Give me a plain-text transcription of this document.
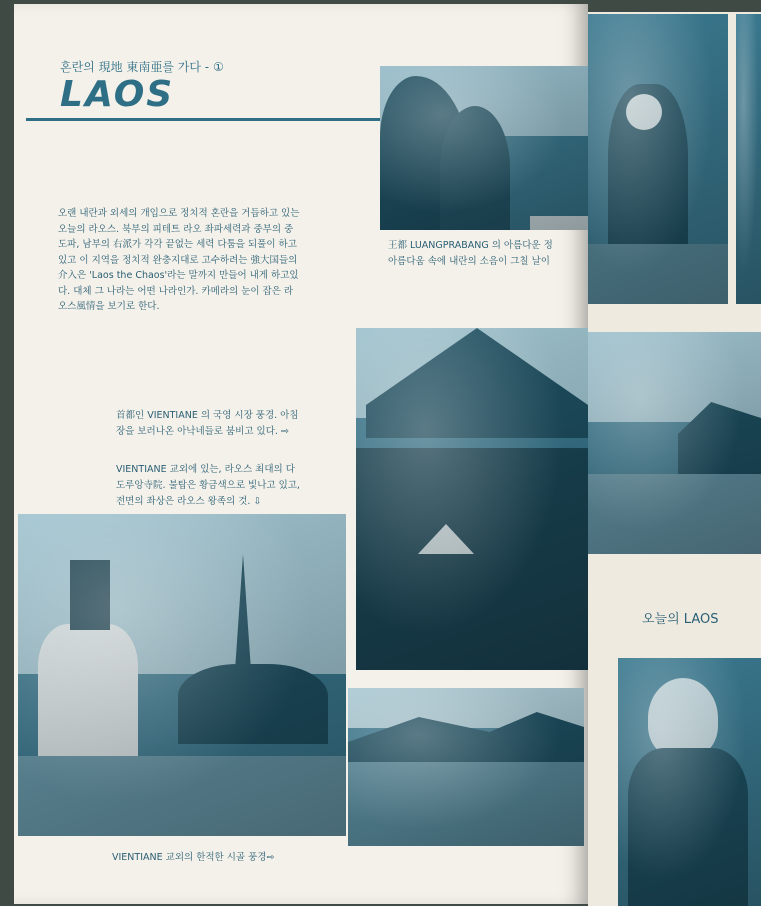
혼란의 現地 東南亜를 가다 - ①
LAOS
오랜 내란과 외세의 개입으로 정치적 혼란을 거듭하고 있는
오늘의 라오스. 북부의 피테트 라오 좌파세력과 중부의 중
도파, 남부의 右派가 각각 끝없는 세력 다툼을 되풀이 하고
있고 이 지역을 정치적 완충지대로 고수하려는 強大国들의
介入은 'Laos the Chaos'라는 말까지 만들어 내게 하고있
다. 대체 그 나라는 어떤 나라인가. 카메라의 눈이 잡은 라
오스風情을 보기로 한다.
王都 LUANGPRABANG 의 아름다운 정
아름다움 속에 내란의 소음이 그칠 날이
首都인 VIENTIANE 의 국영 시장 풍경. 아침
장을 보러나온 아낙네들로 붐비고 있다. ⇨
VIENTIANE 교외에 있는, 라오스 최대의 다
도루앙寺院. 불탑은 황금색으로 빛나고 있고,
전면의 좌상은 라오스 왕족의 것. ⇩
VIENTIANE 교외의 한적한 시골 풍경⇨
오늘의 LAOS
